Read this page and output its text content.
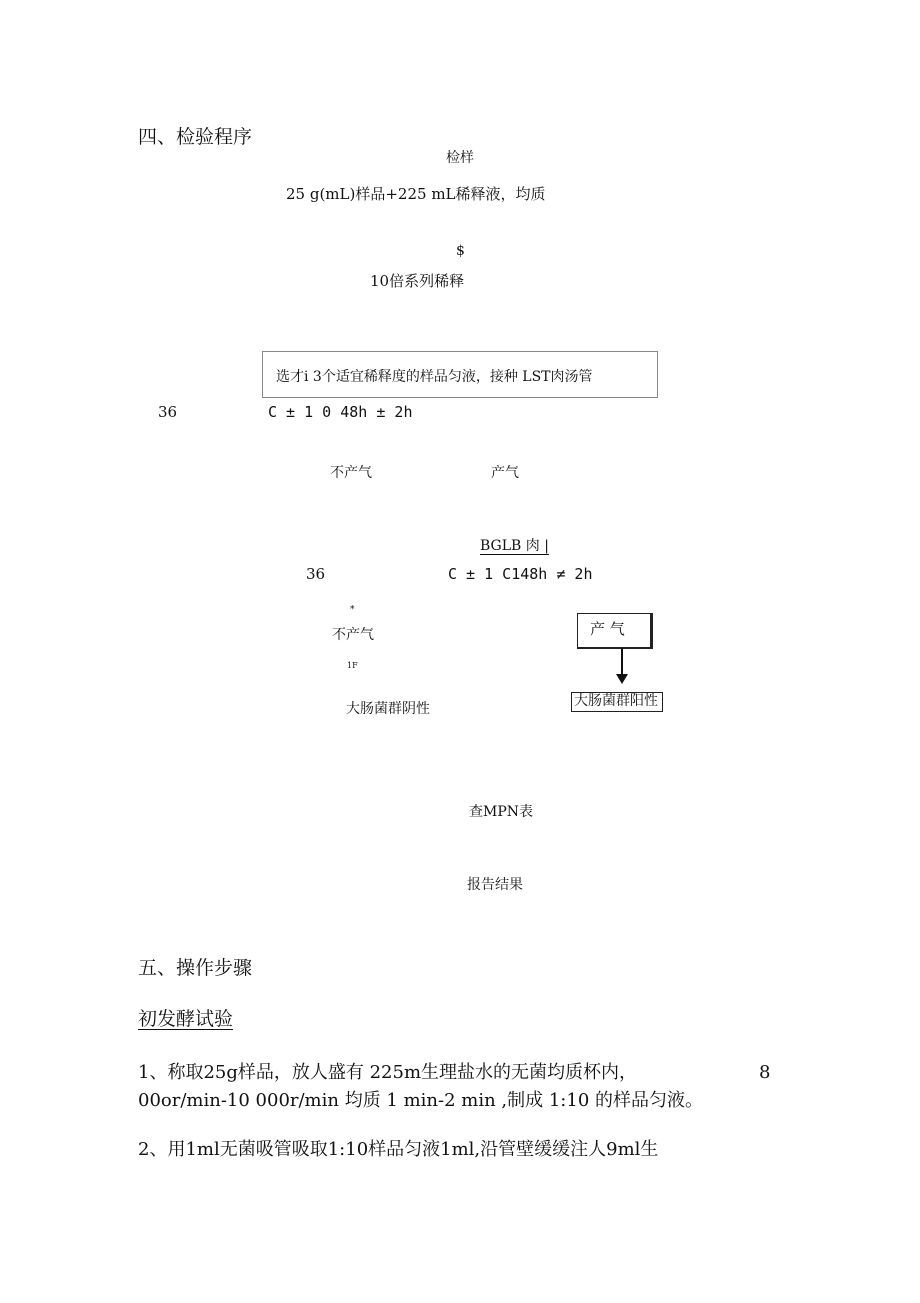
四、检验程序
检样
25 g(mL)样品+225 mL稀释液，均质
$
10倍系列稀释
选才i 3个适宜稀释度的样品匀液，接种 LST肉汤管
36	C ± 1 0 48h ± 2h
不产气	产气
BGLB 肉 |
36	C ± 1 C148h ≠ 2h
*
不产气
1F
大肠菌群阴性
产 气
大肠菌群阳性
查MPN表
报告结果
五、操作步骤
初发酵试验
1、称取25g样品，放人盛有 225m生理盐水的无菌均质杯内，	8
00or/min-10 000r/min 均质 1 min-2 min ,制成 1:10 的样品匀液。
2、用1ml无菌吸管吸取1:10样品匀液1ml,沿管壁缓缓注人9ml生
